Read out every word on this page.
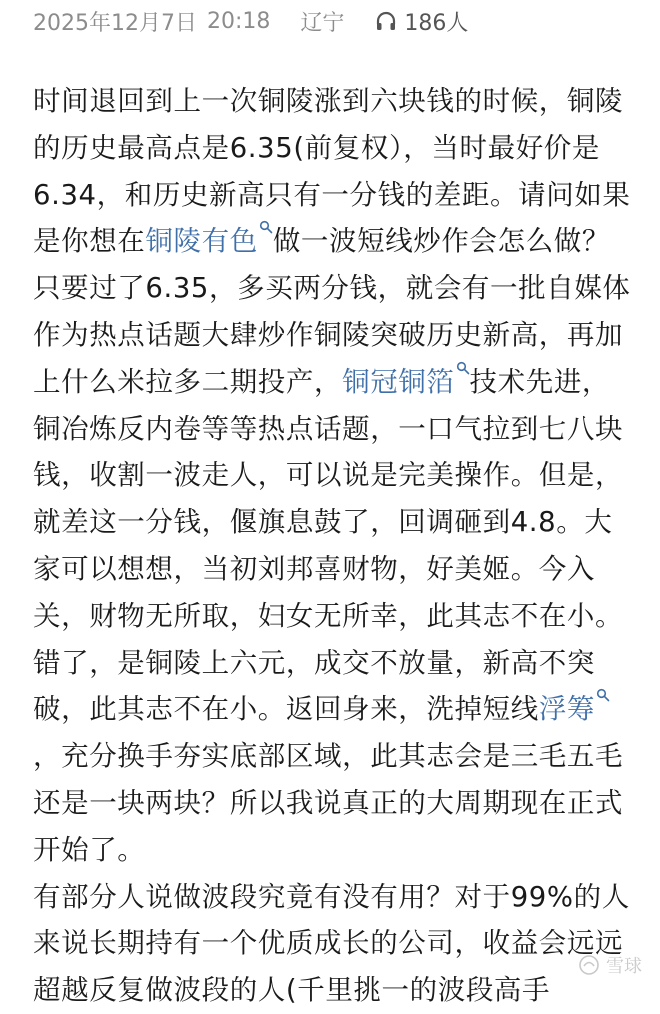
2025年12月7日 20:18 辽宁	186人

时间退回到上一次铜陵涨到六块钱的时候，铜陵的历史最高点是6.35(前复权），当时最好价是6.34，和历史新高只有一分钱的差距。请问如果是你想在铜陵有色 做一波短线炒作会怎么做？只要过了6.35，多买两分钱，就会有一批自媒体作为热点话题大肆炒作铜陵突破历史新高，再加上什么米拉多二期投产，铜冠铜箔 技术先进，铜冶炼反内卷等等热点话题，一口气拉到七八块钱，收割一波走人，可以说是完美操作。但是，就差这一分钱，偃旗息鼓了，回调砸到4.8。大家可以想想，当初刘邦喜财物，好美姬。今入关，财物无所取，妇女无所幸，此其志不在小。错了，是铜陵上六元，成交不放量，新高不突破，此其志不在小。返回身来，洗掉短线浮筹，充分换手夯实底部区域，此其志会是三毛五毛还是一块两块？所以我说真正的大周期现在正式开始了。

有部分人说做波段究竟有没有用？对于99%的人来说长期持有一个优质成长的公司，收益会远远超越反复做波段的人(千里挑一的波段高手

雪球
